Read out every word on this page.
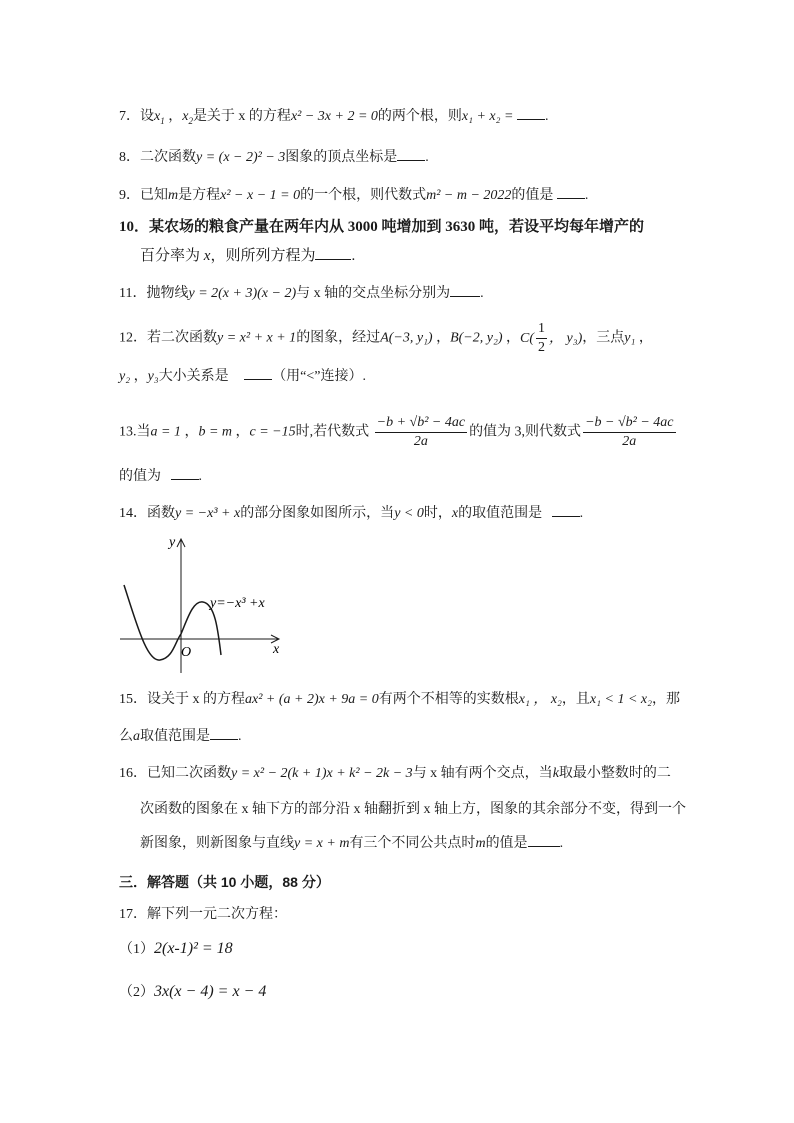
7．设$x_1$ ，$x_2$是关于 x 的方程x² − 3x + 2 = 0的两个根，则x₁ + x₂ = .
8．二次函数y = (x − 2)² − 3图象的顶点坐标是 .
9．已知m是方程x² − x − 1 = 0的一个根，则代数式m² − m − 2022的值是 .
10．某农场的粮食产量在两年内从 3000 吨增加到 3630 吨，若设平均每年增产的
百分率为 x，则所列方程为 .
11．抛物线y = 2(x + 3)(x − 2)与 x 轴的交点坐标分别为 .
12．若二次函数y = x² + x + 1的图象，经过A(−3, y₁) ，B(−2, y₂) ，$C( \frac{1}{2}$ ， y₃)，三点y₁ ，
y₂ ，y₃大小关系是	（用“<”连接）.
13.当a = 1 ，b = m ，c = −15时,若代数式 $\frac{\text{−b + √b² − 4ac}}{2a}$ 的值为 3,则代数式 $\frac{\text{−b − √b² − 4ac}}{2a}$
的值为	.
14．函数y = −x³ + x的部分图象如图所示，当y < 0时，x的取值范围是	.
y
x
O
y=−x³ +x
15．设关于 x 的方程ax² + (a + 2)x + 9a = 0有两个不相等的实数根x₁ ， x₂，且x₁ < 1 < x₂，那
么a取值范围是 .
16．已知二次函数y = x² − 2(k + 1)x + k² − 2k − 3与 x 轴有两个交点，当k取最小整数时的二
次函数的图象在 x 轴下方的部分沿 x 轴翻折到 x 轴上方，图象的其余部分不变，得到一个
新图象，则新图象与直线y = x + m有三个不同公共点时m的值是 .
三．解答题（共 10 小题，88 分）
17．解下列一元二次方程：
（1）2(x-1)² = 18
（2）3x(x − 4) = x − 4
